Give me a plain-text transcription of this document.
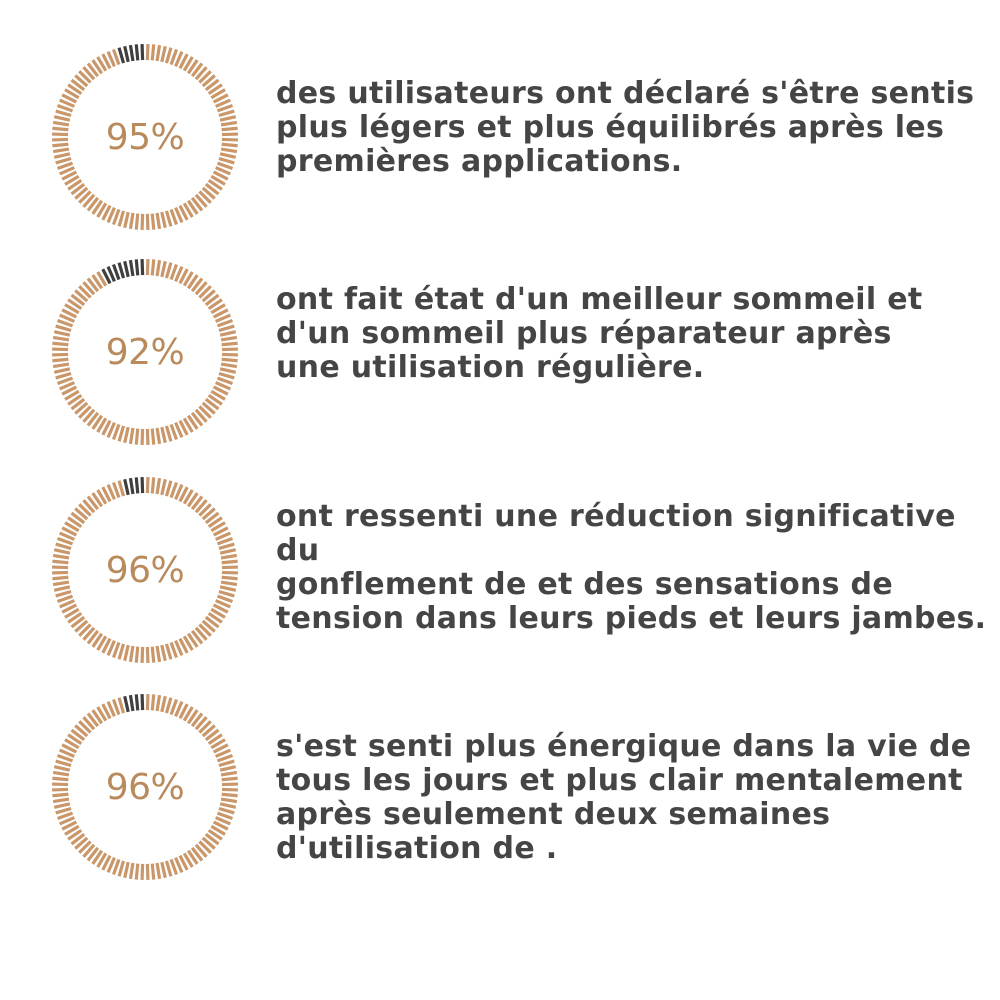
95%

des utilisateurs ont déclaré s'être sentis
plus légers et plus équilibrés après les
premières applications.

92%

ont fait état d'un meilleur sommeil et
d'un sommeil plus réparateur après
une utilisation régulière.

96%

ont ressenti une réduction significative du
gonflement de et des sensations de
tension dans leurs pieds et leurs jambes.

96%

s'est senti plus énergique dans la vie de
tous les jours et plus clair mentalement
après seulement deux semaines
d'utilisation de .
